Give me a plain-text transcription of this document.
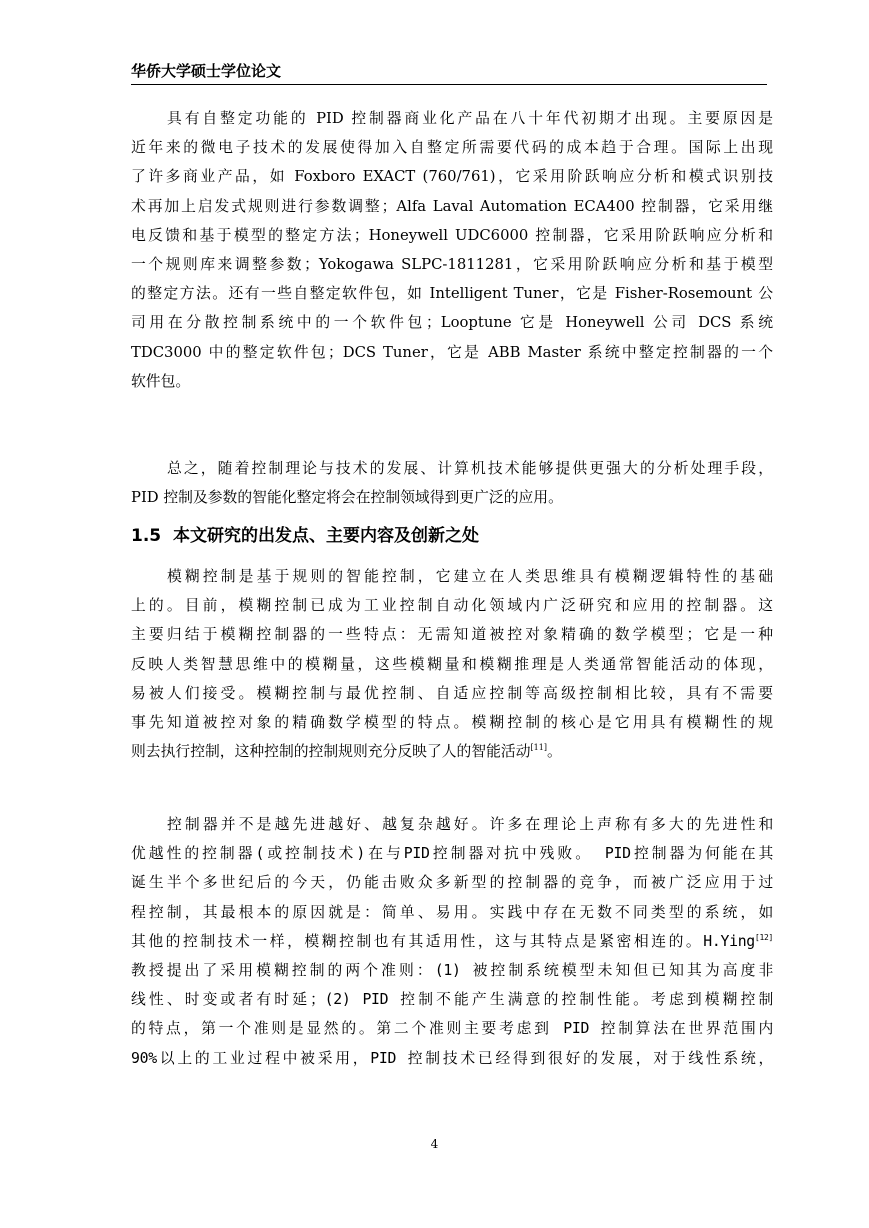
华侨大学硕士学位论文
具有自整定功能的 PID 控制器商业化产品在八十年代初期才出现。主要原因是
近年来的微电子技术的发展使得加入自整定所需要代码的成本趋于合理。国际上出现
了许多商业产品，如 Foxboro EXACT (760/761)，它采用阶跃响应分析和模式识别技
术再加上启发式规则进行参数调整；Alfa Laval Automation ECA400 控制器，它采用继
电反馈和基于模型的整定方法；Honeywell UDC6000 控制器，它采用阶跃响应分析和
一个规则库来调整参数；Yokogawa SLPC-1811281，它采用阶跃响应分析和基于模型
的整定方法。还有一些自整定软件包，如 Intelligent Tuner，它是 Fisher-Rosemount 公
司用在分散控制系统中的一个软件包；Looptune 它是 Honeywell 公司 DCS 系统
TDC3000 中的整定软件包；DCS Tuner，它是 ABB Master 系统中整定控制器的一个
软件包。
总之，随着控制理论与技术的发展、计算机技术能够提供更强大的分析处理手段，
PID 控制及参数的智能化整定将会在控制领域得到更广泛的应用。
1.5 本文研究的出发点、主要内容及创新之处
模糊控制是基于规则的智能控制，它建立在人类思维具有模糊逻辑特性的基础
上的。目前，模糊控制已成为工业控制自动化领域内广泛研究和应用的控制器。这
主要归结于模糊控制器的一些特点：无需知道被控对象精确的数学模型；它是一种
反映人类智慧思维中的模糊量，这些模糊量和模糊推理是人类通常智能活动的体现，
易被人们接受。模糊控制与最优控制、自适应控制等高级控制相比较，具有不需要
事先知道被控对象的精确数学模型的特点。模糊控制的核心是它用具有模糊性的规
则去执行控制，这种控制的控制规则充分反映了人的智能活动[11]。
控制器并不是越先进越好、越复杂越好。许多在理论上声称有多大的先进性和
优越性的控制器(或控制技术)在与PID控制器对抗中残败。 PID控制器为何能在其
诞生半个多世纪后的今天，仍能击败众多新型的控制器的竞争，而被广泛应用于过
程控制，其最根本的原因就是：简单、易用。实践中存在无数不同类型的系统，如
其他的控制技术一样，模糊控制也有其适用性，这与其特点是紧密相连的。H.Ying[12]
教授提出了采用模糊控制的两个准则：(1) 被控制系统模型未知但已知其为高度非
线性、时变或者有时延；(2) PID 控制不能产生满意的控制性能。考虑到模糊控制
的特点，第一个准则是显然的。第二个准则主要考虑到 PID 控制算法在世界范围内
90%以上的工业过程中被采用，PID 控制技术已经得到很好的发展，对于线性系统，
4
